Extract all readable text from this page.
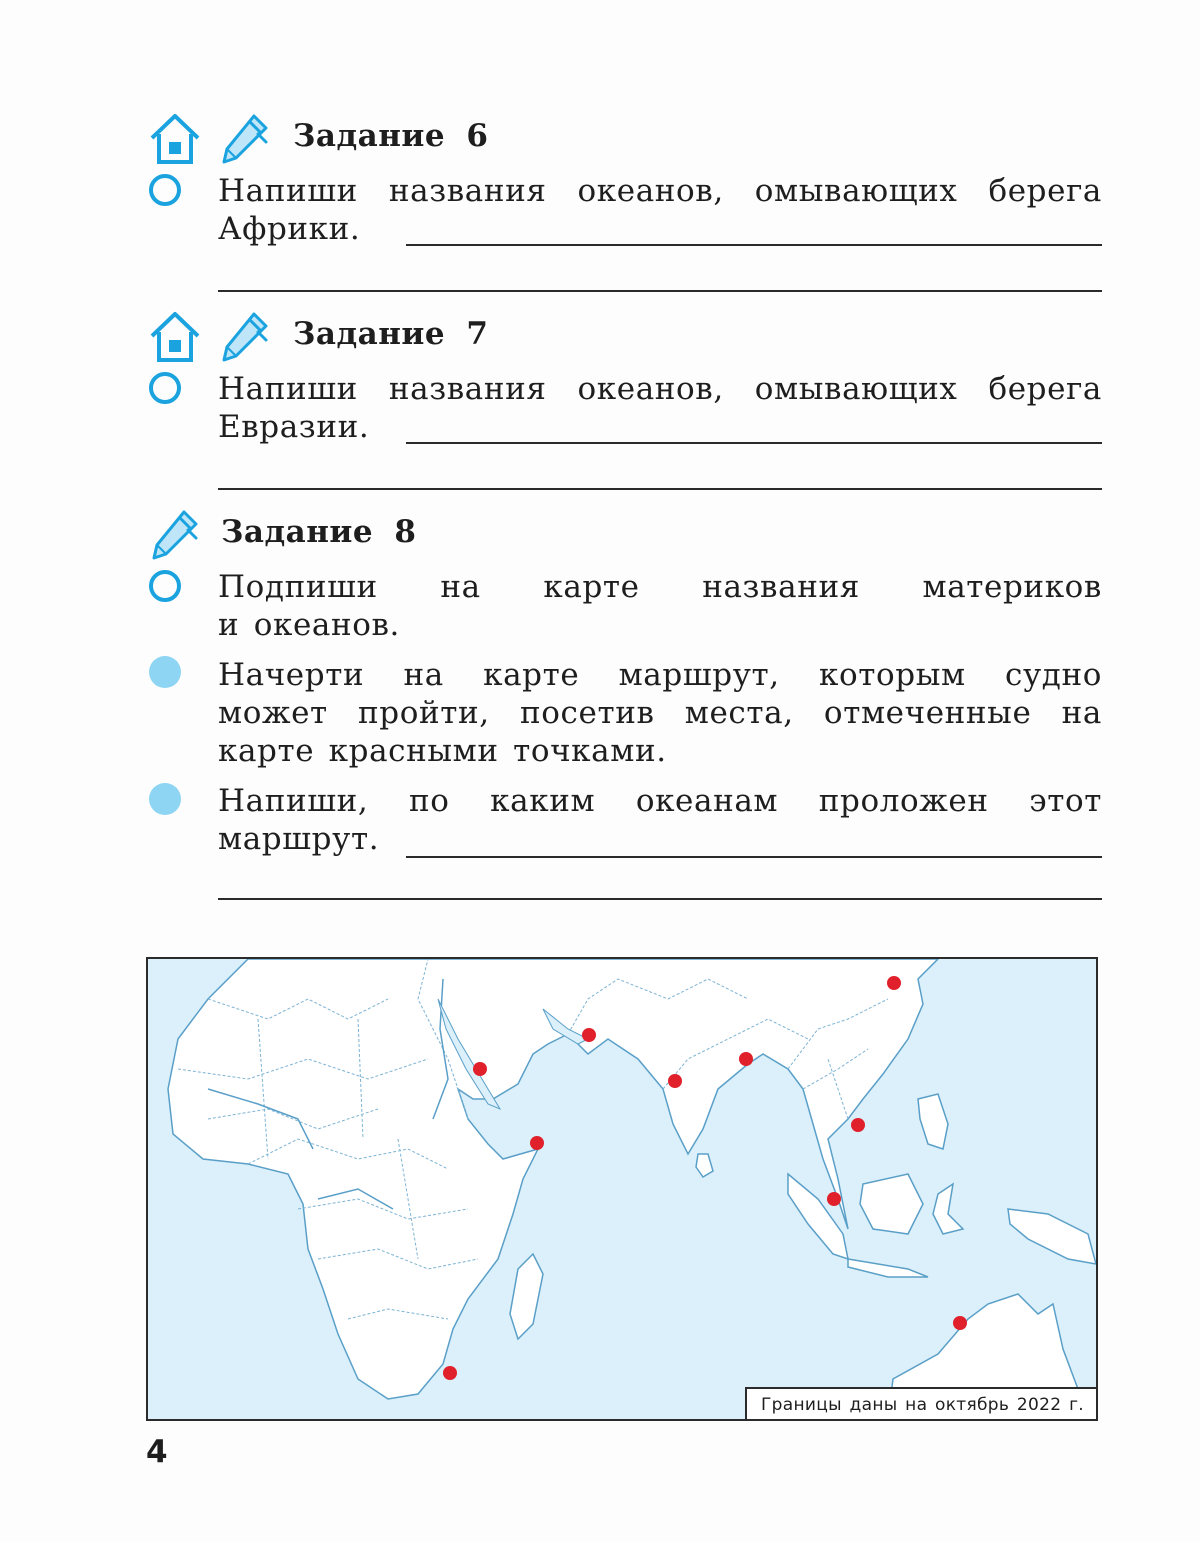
Задание 6
Напиши названия океанов, омывающих берега
Африки.
Задание 7
Напиши названия океанов, омывающих берега
Евразии.
Задание 8
Подпиши на карте названия материков
и океанов.
Начерти на карте маршрут, которым судно
может пройти, посетив места, отмеченные на
карте красными точками.
Напиши, по каким океанам проложен этот
маршрут.
Границы даны на октябрь 2022 г.
4
